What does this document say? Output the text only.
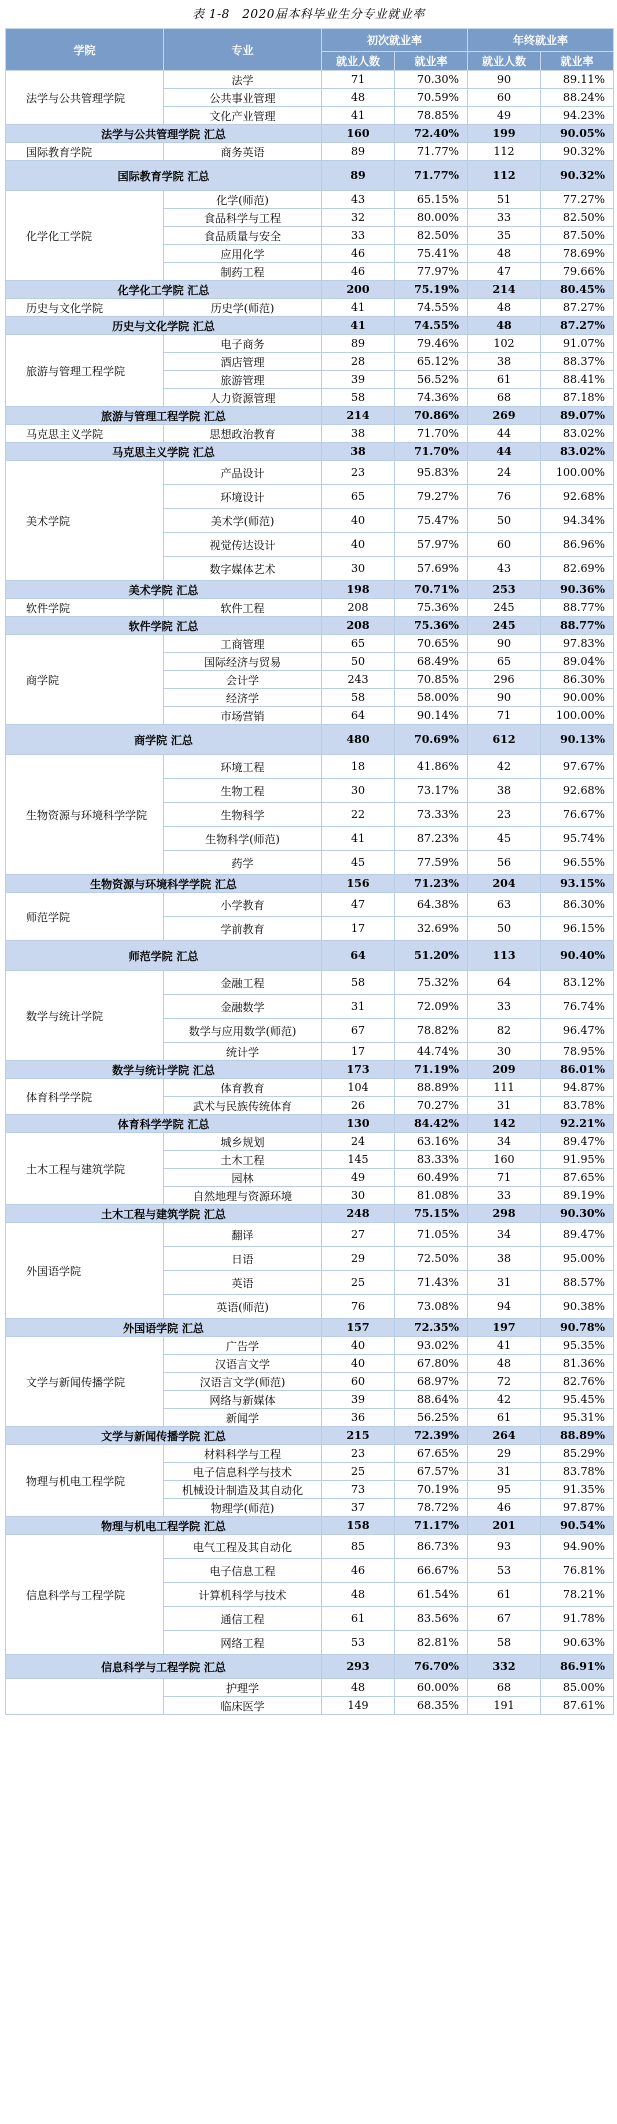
表 1-8　2020届本科毕业生分专业就业率
学院	专业	初次就业率		年终就业率	
		就业人数	就业率	就业人数	就业率
法学与公共管理学院	法学	71	70.30%	90	89.11%
	公共事业管理	48	70.59%	60	88.24%
	文化产业管理	41	78.85%	49	94.23%
法学与公共管理学院 汇总		160	72.40%	199	90.05%
国际教育学院	商务英语	89	71.77%	112	90.32%
国际教育学院 汇总		89	71.77%	112	90.32%
化学化工学院	化学(师范)	43	65.15%	51	77.27%
	食品科学与工程	32	80.00%	33	82.50%
	食品质量与安全	33	82.50%	35	87.50%
	应用化学	46	75.41%	48	78.69%
	制药工程	46	77.97%	47	79.66%
化学化工学院 汇总		200	75.19%	214	80.45%
历史与文化学院	历史学(师范)	41	74.55%	48	87.27%
历史与文化学院 汇总		41	74.55%	48	87.27%
旅游与管理工程学院	电子商务	89	79.46%	102	91.07%
	酒店管理	28	65.12%	38	88.37%
	旅游管理	39	56.52%	61	88.41%
	人力资源管理	58	74.36%	68	87.18%
旅游与管理工程学院 汇总		214	70.86%	269	89.07%
马克思主义学院	思想政治教育	38	71.70%	44	83.02%
马克思主义学院 汇总		38	71.70%	44	83.02%
美术学院	产品设计	23	95.83%	24	100.00%
	环境设计	65	79.27%	76	92.68%
	美术学(师范)	40	75.47%	50	94.34%
	视觉传达设计	40	57.97%	60	86.96%
	数字媒体艺术	30	57.69%	43	82.69%
美术学院 汇总		198	70.71%	253	90.36%
软件学院	软件工程	208	75.36%	245	88.77%
软件学院 汇总		208	75.36%	245	88.77%
商学院	工商管理	65	70.65%	90	97.83%
	国际经济与贸易	50	68.49%	65	89.04%
	会计学	243	70.85%	296	86.30%
	经济学	58	58.00%	90	90.00%
	市场营销	64	90.14%	71	100.00%
商学院 汇总		480	70.69%	612	90.13%
生物资源与环境科学学院	环境工程	18	41.86%	42	97.67%
	生物工程	30	73.17%	38	92.68%
	生物科学	22	73.33%	23	76.67%
	生物科学(师范)	41	87.23%	45	95.74%
	药学	45	77.59%	56	96.55%
生物资源与环境科学学院 汇总		156	71.23%	204	93.15%
师范学院	小学教育	47	64.38%	63	86.30%
	学前教育	17	32.69%	50	96.15%
师范学院 汇总		64	51.20%	113	90.40%
数学与统计学院	金融工程	58	75.32%	64	83.12%
	金融数学	31	72.09%	33	76.74%
	数学与应用数学(师范)	67	78.82%	82	96.47%
	统计学	17	44.74%	30	78.95%
数学与统计学院 汇总		173	71.19%	209	86.01%
体育科学学院	体育教育	104	88.89%	111	94.87%
	武术与民族传统体育	26	70.27%	31	83.78%
体育科学学院 汇总		130	84.42%	142	92.21%
土木工程与建筑学院	城乡规划	24	63.16%	34	89.47%
	土木工程	145	83.33%	160	91.95%
	园林	49	60.49%	71	87.65%
	自然地理与资源环境	30	81.08%	33	89.19%
土木工程与建筑学院 汇总		248	75.15%	298	90.30%
外国语学院	翻译	27	71.05%	34	89.47%
	日语	29	72.50%	38	95.00%
	英语	25	71.43%	31	88.57%
	英语(师范)	76	73.08%	94	90.38%
外国语学院 汇总		157	72.35%	197	90.78%
文学与新闻传播学院	广告学	40	93.02%	41	95.35%
	汉语言文学	40	67.80%	48	81.36%
	汉语言文学(师范)	60	68.97%	72	82.76%
	网络与新媒体	39	88.64%	42	95.45%
	新闻学	36	56.25%	61	95.31%
文学与新闻传播学院 汇总		215	72.39%	264	88.89%
物理与机电工程学院	材料科学与工程	23	67.65%	29	85.29%
	电子信息科学与技术	25	67.57%	31	83.78%
	机械设计制造及其自动化	73	70.19%	95	91.35%
	物理学(师范)	37	78.72%	46	97.87%
物理与机电工程学院 汇总		158	71.17%	201	90.54%
信息科学与工程学院	电气工程及其自动化	85	86.73%	93	94.90%
	电子信息工程	46	66.67%	53	76.81%
	计算机科学与技术	48	61.54%	61	78.21%
	通信工程	61	83.56%	67	91.78%
	网络工程	53	82.81%	58	90.63%
信息科学与工程学院 汇总		293	76.70%	332	86.91%
	护理学	48	60.00%	68	85.00%
	临床医学	149	68.35%	191	87.61%
